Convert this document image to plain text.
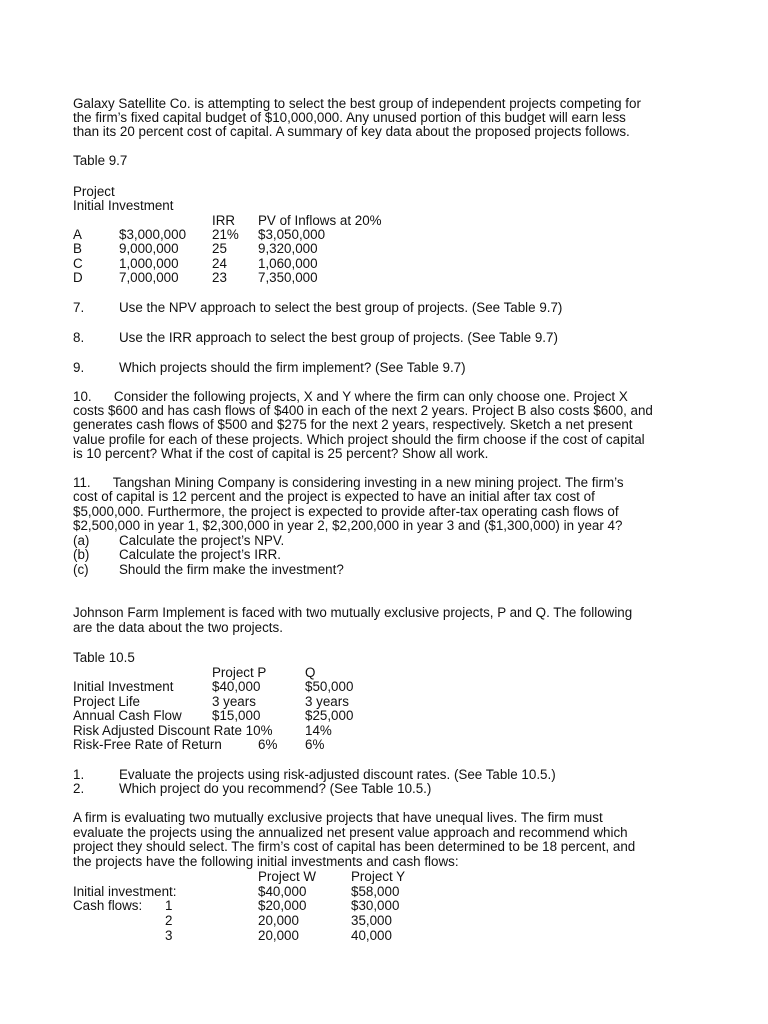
Galaxy Satellite Co. is attempting to select the best group of independent projects competing for
the firm’s fixed capital budget of $10,000,000. Any unused portion of this budget will earn less
than its 20 percent cost of capital. A summary of key data about the proposed projects follows.
Table 9.7
Project
Initial Investment
IRR PV of Inflows at 20%
A	$3,000,000 21% $3,050,000
B	9,000,000 25 9,320,000
C	1,000,000 24 1,060,000
D	7,000,000 23 7,350,000
7.	Use the NPV approach to select the best group of projects. (See Table 9.7)
8.	Use the IRR approach to select the best group of projects. (See Table 9.7)
9.	Which projects should the firm implement? (See Table 9.7)
10.      Consider the following projects, X and Y where the firm can only choose one. Project X
costs $600 and has cash flows of $400 in each of the next 2 years. Project B also costs $600, and
generates cash flows of $500 and $275 for the next 2 years, respectively. Sketch a net present
value profile for each of these projects. Which project should the firm choose if the cost of capital
is 10 percent? What if the cost of capital is 25 percent? Show all work.
11.      Tangshan Mining Company is considering investing in a new mining project. The firm’s
cost of capital is 12 percent and the project is expected to have an initial after tax cost of
$5,000,000. Furthermore, the project is expected to provide after-tax operating cash flows of
$2,500,000 in year 1, $2,300,000 in year 2, $2,200,000 in year 3 and ($1,300,000) in year 4?
(a) Calculate the project’s NPV.
(b) Calculate the project’s IRR.
(c) Should the firm make the investment?
Johnson Farm Implement is faced with two mutually exclusive projects, P and Q. The following
are the data about the two projects.
Table 10.5
Project P	Q
Initial Investment	$40,000	$50,000
Project Life	3 years	3 years
Annual Cash Flow $15,000	$25,000
Risk Adjusted Discount Rate 10% 14%
Risk-Free Rate of Return	6% 6%
1.	Evaluate the projects using risk-adjusted discount rates. (See Table 10.5.)
2.	Which project do you recommend? (See Table 10.5.)
A firm is evaluating two mutually exclusive projects that have unequal lives. The firm must
evaluate the projects using the annualized net present value approach and recommend which
project they should select. The firm’s cost of capital has been determined to be 18 percent, and
the projects have the following initial investments and cash flows:
Project W	Project Y
Initial investment:	$40,000	$58,000
Cash flows: 1	$20,000	$30,000
2	20,000	35,000
3	20,000	40,000
